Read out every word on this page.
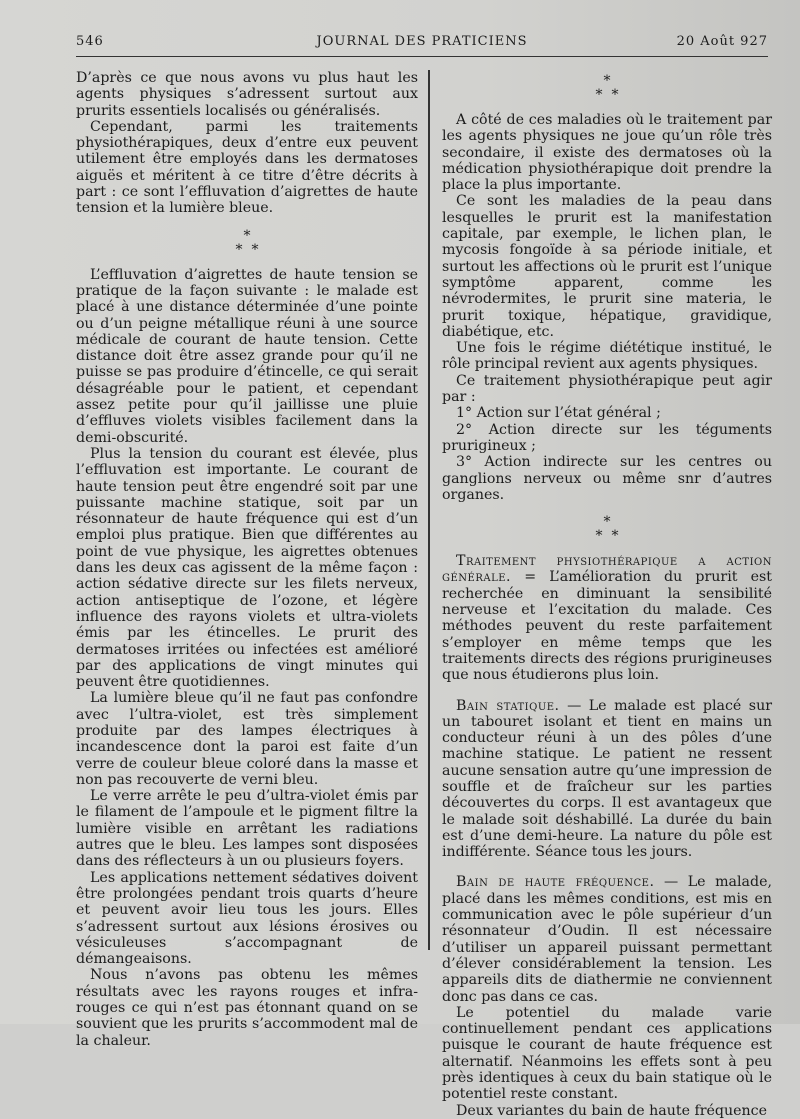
546	JOURNAL DES PRATICIENS	20 Août 927

D’après ce que nous avons vu plus haut les agents physiques s’adressent surtout aux prurits essentiels localisés ou généralisés.

Cependant, parmi les traitements physiothérapiques, deux d’entre eux peuvent utilement être employés dans les dermatoses aiguës et méritent à ce titre d’être décrits à part : ce sont l’effluvation d’aigrettes de haute tension et la lumière bleue.

*
* *

L’effluvation d’aigrettes de haute tension se pratique de la façon suivante : le malade est placé à une distance déterminée d’une pointe ou d’un peigne métallique réuni à une source médicale de courant de haute tension. Cette distance doit être assez grande pour qu’il ne puisse se pas produire d’étincelle, ce qui serait désagréable pour le patient, et cependant assez petite pour qu’il jaillisse une pluie d’effluves violets visibles facilement dans la demi-obscurité.

Plus la tension du courant est élevée, plus l’effluvation est importante. Le courant de haute tension peut être engendré soit par une puissante machine statique, soit par un résonnateur de haute fréquence qui est d’un emploi plus pratique. Bien que différentes au point de vue physique, les aigrettes obtenues dans les deux cas agissent de la même façon : action sédative directe sur les filets nerveux, action antiseptique de l’ozone, et légère influence des rayons violets et ultra-violets émis par les étincelles. Le prurit des dermatoses irritées ou infectées est amélioré par des applications de vingt minutes qui peuvent être quotidiennes.

La lumière bleue qu’il ne faut pas confondre avec l’ultra-violet, est très simplement produite par des lampes électriques à incandescence dont la paroi est faite d’un verre de couleur bleue coloré dans la masse et non pas recouverte de verni bleu.

Le verre arrête le peu d’ultra-violet émis par le filament de l’ampoule et le pigment filtre la lumière visible en arrêtant les radiations autres que le bleu. Les lampes sont disposées dans des réflecteurs à un ou plusieurs foyers.

Les applications nettement sédatives doivent être prolongées pendant trois quarts d’heure et peuvent avoir lieu tous les jours. Elles s’adressent surtout aux lésions érosives ou vésiculeuses s’accompagnant de démangeaisons.

Nous n’avons pas obtenu les mêmes résultats avec les rayons rouges et infra-rouges ce qui n’est pas étonnant quand on se souvient que les prurits s’accommodent mal de la chaleur.

*
* *

A côté de ces maladies où le traitement par les agents physiques ne joue qu’un rôle très secondaire, il existe des dermatoses où la médication physiothérapique doit prendre la place la plus importante.

Ce sont les maladies de la peau dans lesquelles le prurit est la manifestation capitale, par exemple, le lichen plan, le mycosis fongoïde à sa période initiale, et surtout les affections où le prurit est l’unique symptôme apparent, comme les névrodermites, le prurit sine materia, le prurit toxique, hépatique, gravidique, diabétique, etc.

Une fois le régime diététique institué, le rôle principal revient aux agents physiques.

Ce traitement physiothérapique peut agir par :

1° Action sur l’état général ;

2° Action directe sur les téguments prurigineux ;

3° Action indirecte sur les centres ou ganglions nerveux ou même snr d’autres organes.

*
* *

Traitement physiothérapique a action générale. = L’amélioration du prurit est recherchée en diminuant la sensibilité nerveuse et l’excitation du malade. Ces méthodes peuvent du reste parfaitement s’employer en même temps que les traitements directs des régions prurigineuses que nous étudierons plus loin.

Bain statique. — Le malade est placé sur un tabouret isolant et tient en mains un conducteur réuni à un des pôles d’une machine statique. Le patient ne ressent aucune sensation autre qu’une impression de souffle et de fraîcheur sur les parties découvertes du corps. Il est avantageux que le malade soit déshabillé. La durée du bain est d’une demi-heure. La nature du pôle est indifférente. Séance tous les jours.

Bain de haute fréquence. — Le malade, placé dans les mêmes conditions, est mis en communication avec le pôle supérieur d’un résonnateur d’Oudin. Il est nécessaire d’utiliser un appareil puissant permettant d’élever considérablement la tension. Les appareils dits de diathermie ne conviennent donc pas dans ce cas.

Le potentiel du malade varie continuellement pendant ces applications puisque le courant de haute fréquence est alternatif. Néanmoins les effets sont à peu près identiques à ceux du bain statique où le potentiel reste constant.

Deux variantes du bain de haute fréquence
